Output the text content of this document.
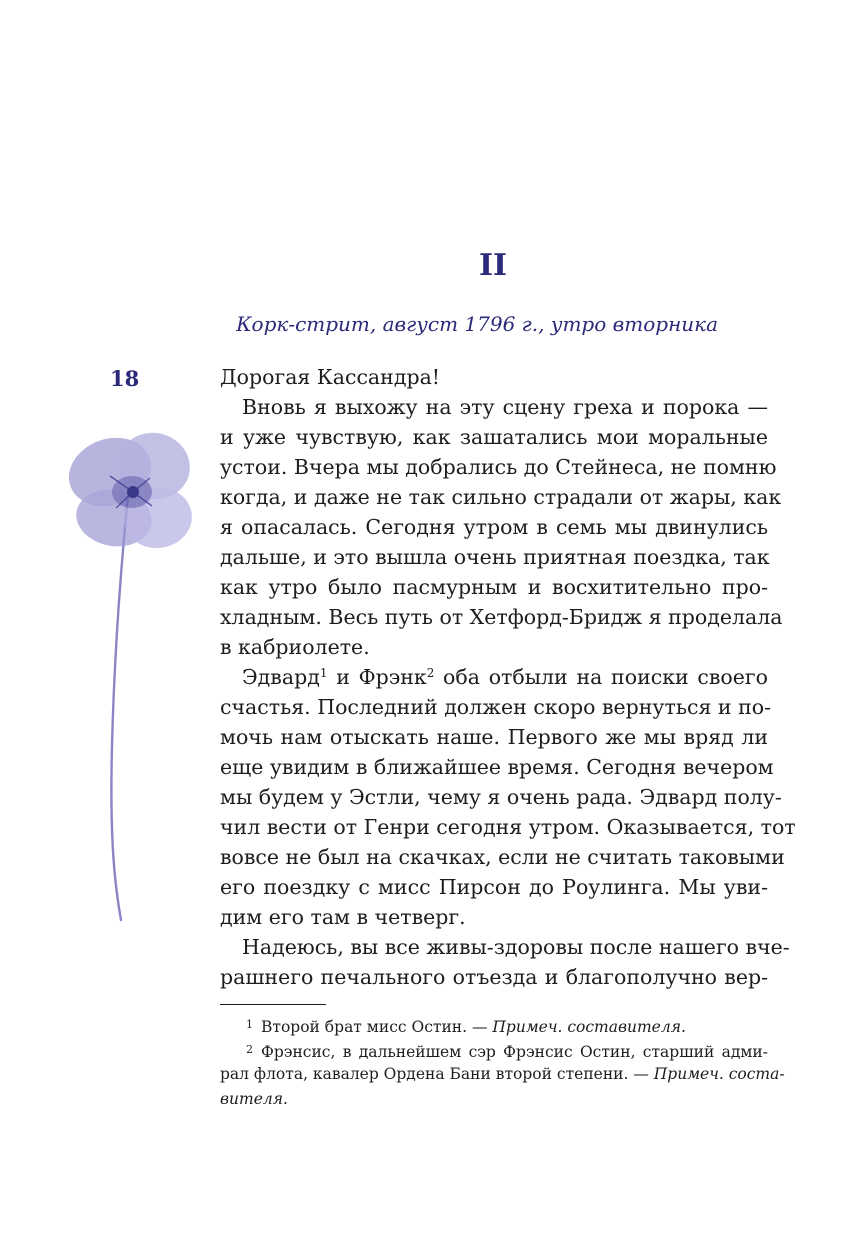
II
Корк-стрит, август 1796 г., утро вторника
18	Дорогая Кассандра!
Вновь я выхожу на эту сцену греха и порока —
и уже чувствую, как зашатались мои моральные
устои. Вчера мы добрались до Стейнеса, не помню
когда, и даже не так сильно страдали от жары, как
я опасалась. Сегодня утром в семь мы двинулись
дальше, и это вышла очень приятная поездка, так
как утро было пасмурным и восхитительно про-
хладным. Весь путь от Хетфорд-Бридж я проделала
в кабриолете.
Эдвард$^1$ и Фрэнк$^2$ оба отбыли на поиски своего
счастья. Последний должен скоро вернуться и по-
мочь нам отыскать наше. Первого же мы вряд ли
еще увидим в ближайшее время. Сегодня вечером
мы будем у Эстли, чему я очень рада. Эдвард полу-
чил вести от Генри сегодня утром. Оказывается, тот
вовсе не был на скачках, если не считать таковыми
его поездку с мисс Пирсон до Роулинга. Мы уви-
дим его там в четверг.
Надеюсь, вы все живы-здоровы после нашего вче-
рашнего печального отъезда и благополучно вер-
$^1$ Второй брат мисс Остин. — Примеч. составителя.
$^2$ Фрэнсис, в дальнейшем сэр Фрэнсис Остин, старший адми-
рал флота, кавалер Ордена Бани второй степени. — Примеч. соста-
вителя.
